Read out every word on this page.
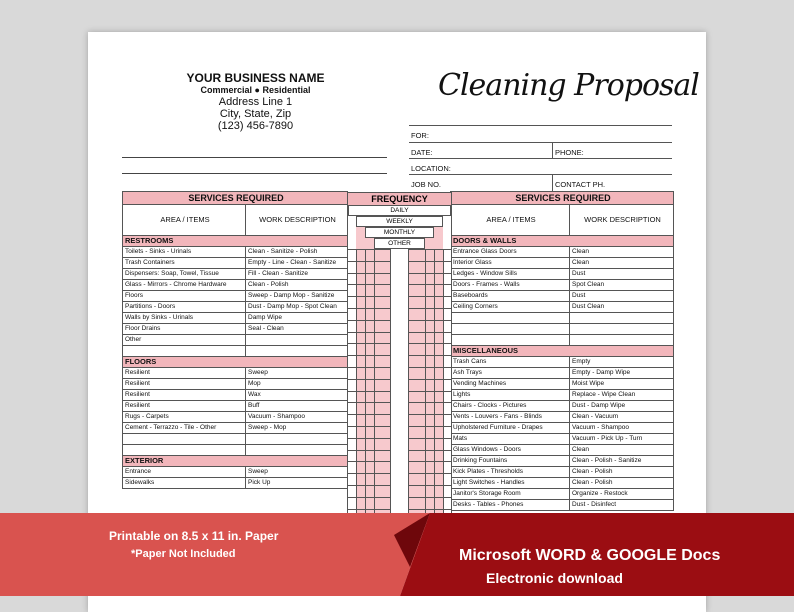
YOUR BUSINESS NAME
Commercial ● Residential
Address Line 1
City, State, Zip
(123) 456-7890
Cleaning Proposal
FOR:
DATE:	PHONE:
LOCATION:
JOB NO.	CONTACT PH.
SERVICES REQUIRED	
AREA / ITEMS	WORK DESCRIPTION
RESTROOMS	
Toilets - Sinks - Urinals	Clean - Sanitize - Polish
Trash Containers	Empty - Line - Clean - Sanitize
Dispensers: Soap, Towel, Tissue	Fill - Clean - Sanitize
Glass - Mirrors - Chrome Hardware	Clean - Polish
Floors	Sweep - Damp Mop - Sanitize
Partitions - Doors	Dust - Damp Mop - Spot Clean
Walls by Sinks - Urinals	Damp Wipe
Floor Drains	Seal - Clean
Other	

FLOORS	
Resilient	Sweep
Resilient	Mop
Resilient	Wax
Resilient	Buff
Rugs - Carpets	Vacuum - Shampoo
Cement - Terrazzo - Tile - Other	Sweep - Mop

EXTERIOR	
Entrance	Sweep
Sidewalks	Pick Up
SERVICES REQUIRED	
AREA / ITEMS	WORK DESCRIPTION
DOORS & WALLS	
Entrance Glass Doors	Clean
Interior Glass	Clean
Ledges - Window Sills	Dust
Doors - Frames - Walls	Spot Clean
Baseboards	Dust
Ceiling Corners	Dust Clean

MISCELLANEOUS	
Trash Cans	Empty
Ash Trays	Empty - Damp Wipe
Vending Machines	Moist Wipe
Lights	Replace - Wipe Clean
Chairs - Clocks - Pictures	Dust - Damp Wipe
Vents - Louvers - Fans - Blinds	Clean - Vacuum
Upholstered Furniture - Drapes	Vacuum - Shampoo
Mats	Vacuum - Pick Up - Turn
Glass Windows - Doors	Clean
Drinking Fountains	Clean - Polish - Sanitize
Kick Plates - Thresholds	Clean - Polish
Light Switches - Handles	Clean - Polish
Janitor's Storage Room	Organize - Restock
Desks - Tables - Phones	Dust - Disinfect
FREQUENCY
DAILY
WEEKLY
MONTHLY
OTHER
Printable on 8.5 x 11 in. Paper
*Paper Not Included	Microsoft WORD & GOOGLE Docs
Electronic download
